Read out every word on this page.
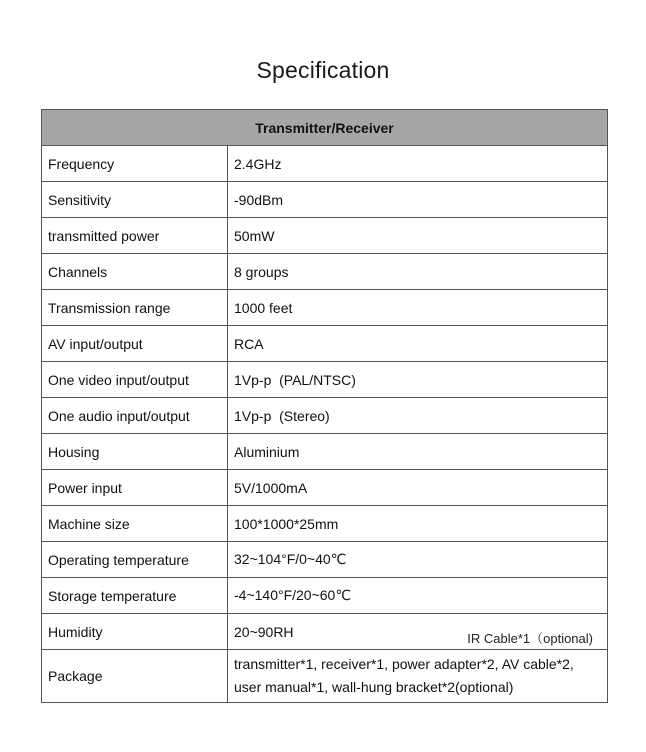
Specification
Transmitter/Receiver	
Frequency	2.4GHz
Sensitivity	-90dBm
transmitted power	50mW
Channels	8 groups
Transmission range	1000 feet
AV input/output	RCA
One video input/output	1Vp-p  (PAL/NTSC)
One audio input/output	1Vp-p  (Stereo)
Housing	Aluminium
Power input	5V/1000mA
Machine size	100*1000*25mm
Operating temperature	32~104°F/0~40℃
Storage temperature	-4~140°F/20~60℃
Humidity	20~90RH IR Cable*1（optional)

Package	transmitter*1, receiver*1, power adapter*2, AV cable*2,
user manual*1, wall-hung bracket*2(optional)
